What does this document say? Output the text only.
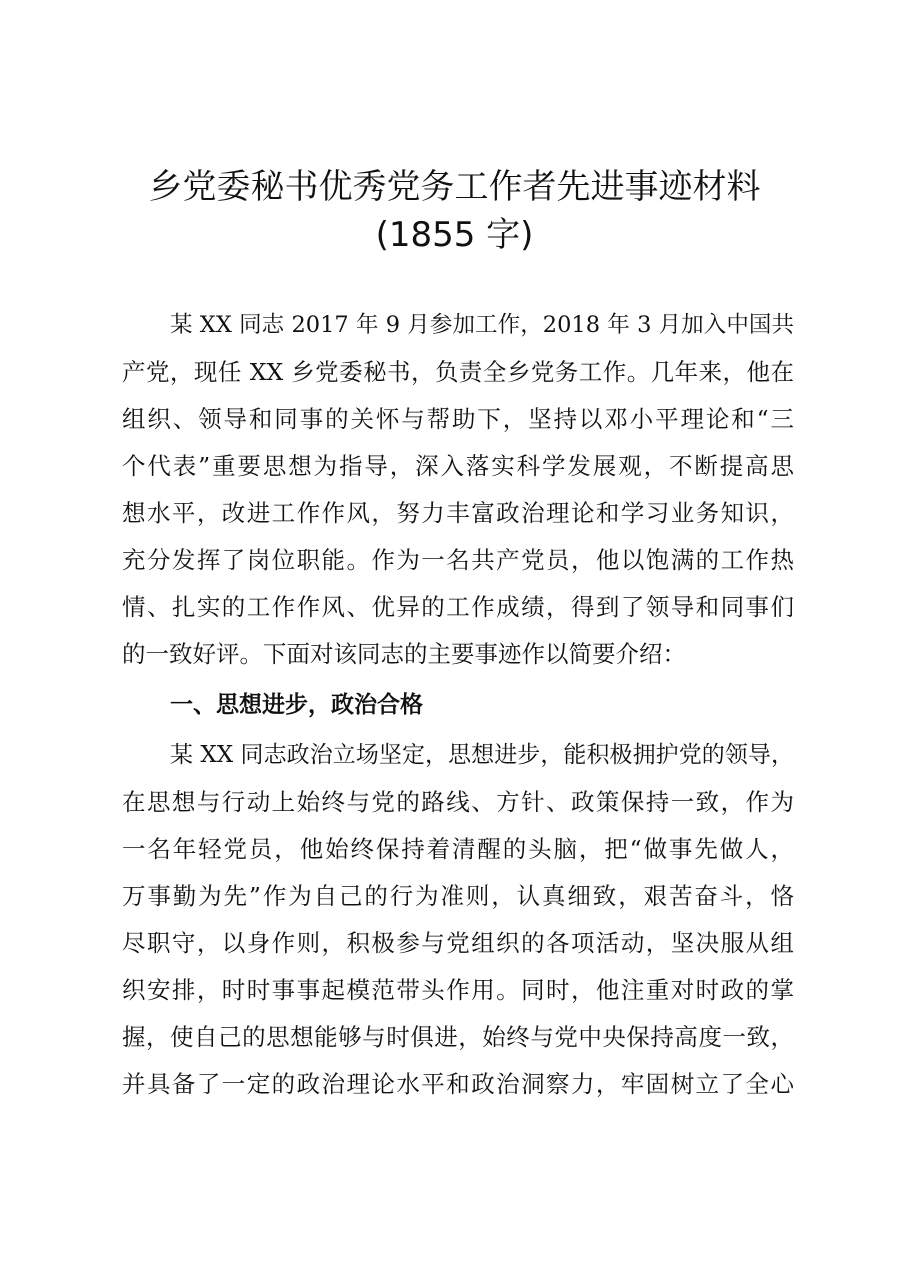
乡党委秘书优秀党务工作者先进事迹材料
(1855 字)

某 XX 同志 2017 年 9 月参加工作，2018 年 3 月加入中国共

产党，现任 XX 乡党委秘书，负责全乡党务工作。几年来，他在

组织、领导和同事的关怀与帮助下，坚持以邓小平理论和“三

个代表”重要思想为指导，深入落实科学发展观，不断提高思

想水平，改进工作作风，努力丰富政治理论和学习业务知识，

充分发挥了岗位职能。作为一名共产党员，他以饱满的工作热

情、扎实的工作作风、优异的工作成绩，得到了领导和同事们

的一致好评。下面对该同志的主要事迹作以简要介绍：

一、思想进步，政治合格

某 XX 同志政治立场坚定，思想进步，能积极拥护党的领导，

在思想与行动上始终与党的路线、方针、政策保持一致，作为

一名年轻党员，他始终保持着清醒的头脑，把“做事先做人，

万事勤为先”作为自己的行为准则，认真细致，艰苦奋斗，恪

尽职守，以身作则，积极参与党组织的各项活动，坚决服从组

织安排，时时事事起模范带头作用。同时，他注重对时政的掌

握，使自己的思想能够与时俱进，始终与党中央保持高度一致，

并具备了一定的政治理论水平和政治洞察力，牢固树立了全心
